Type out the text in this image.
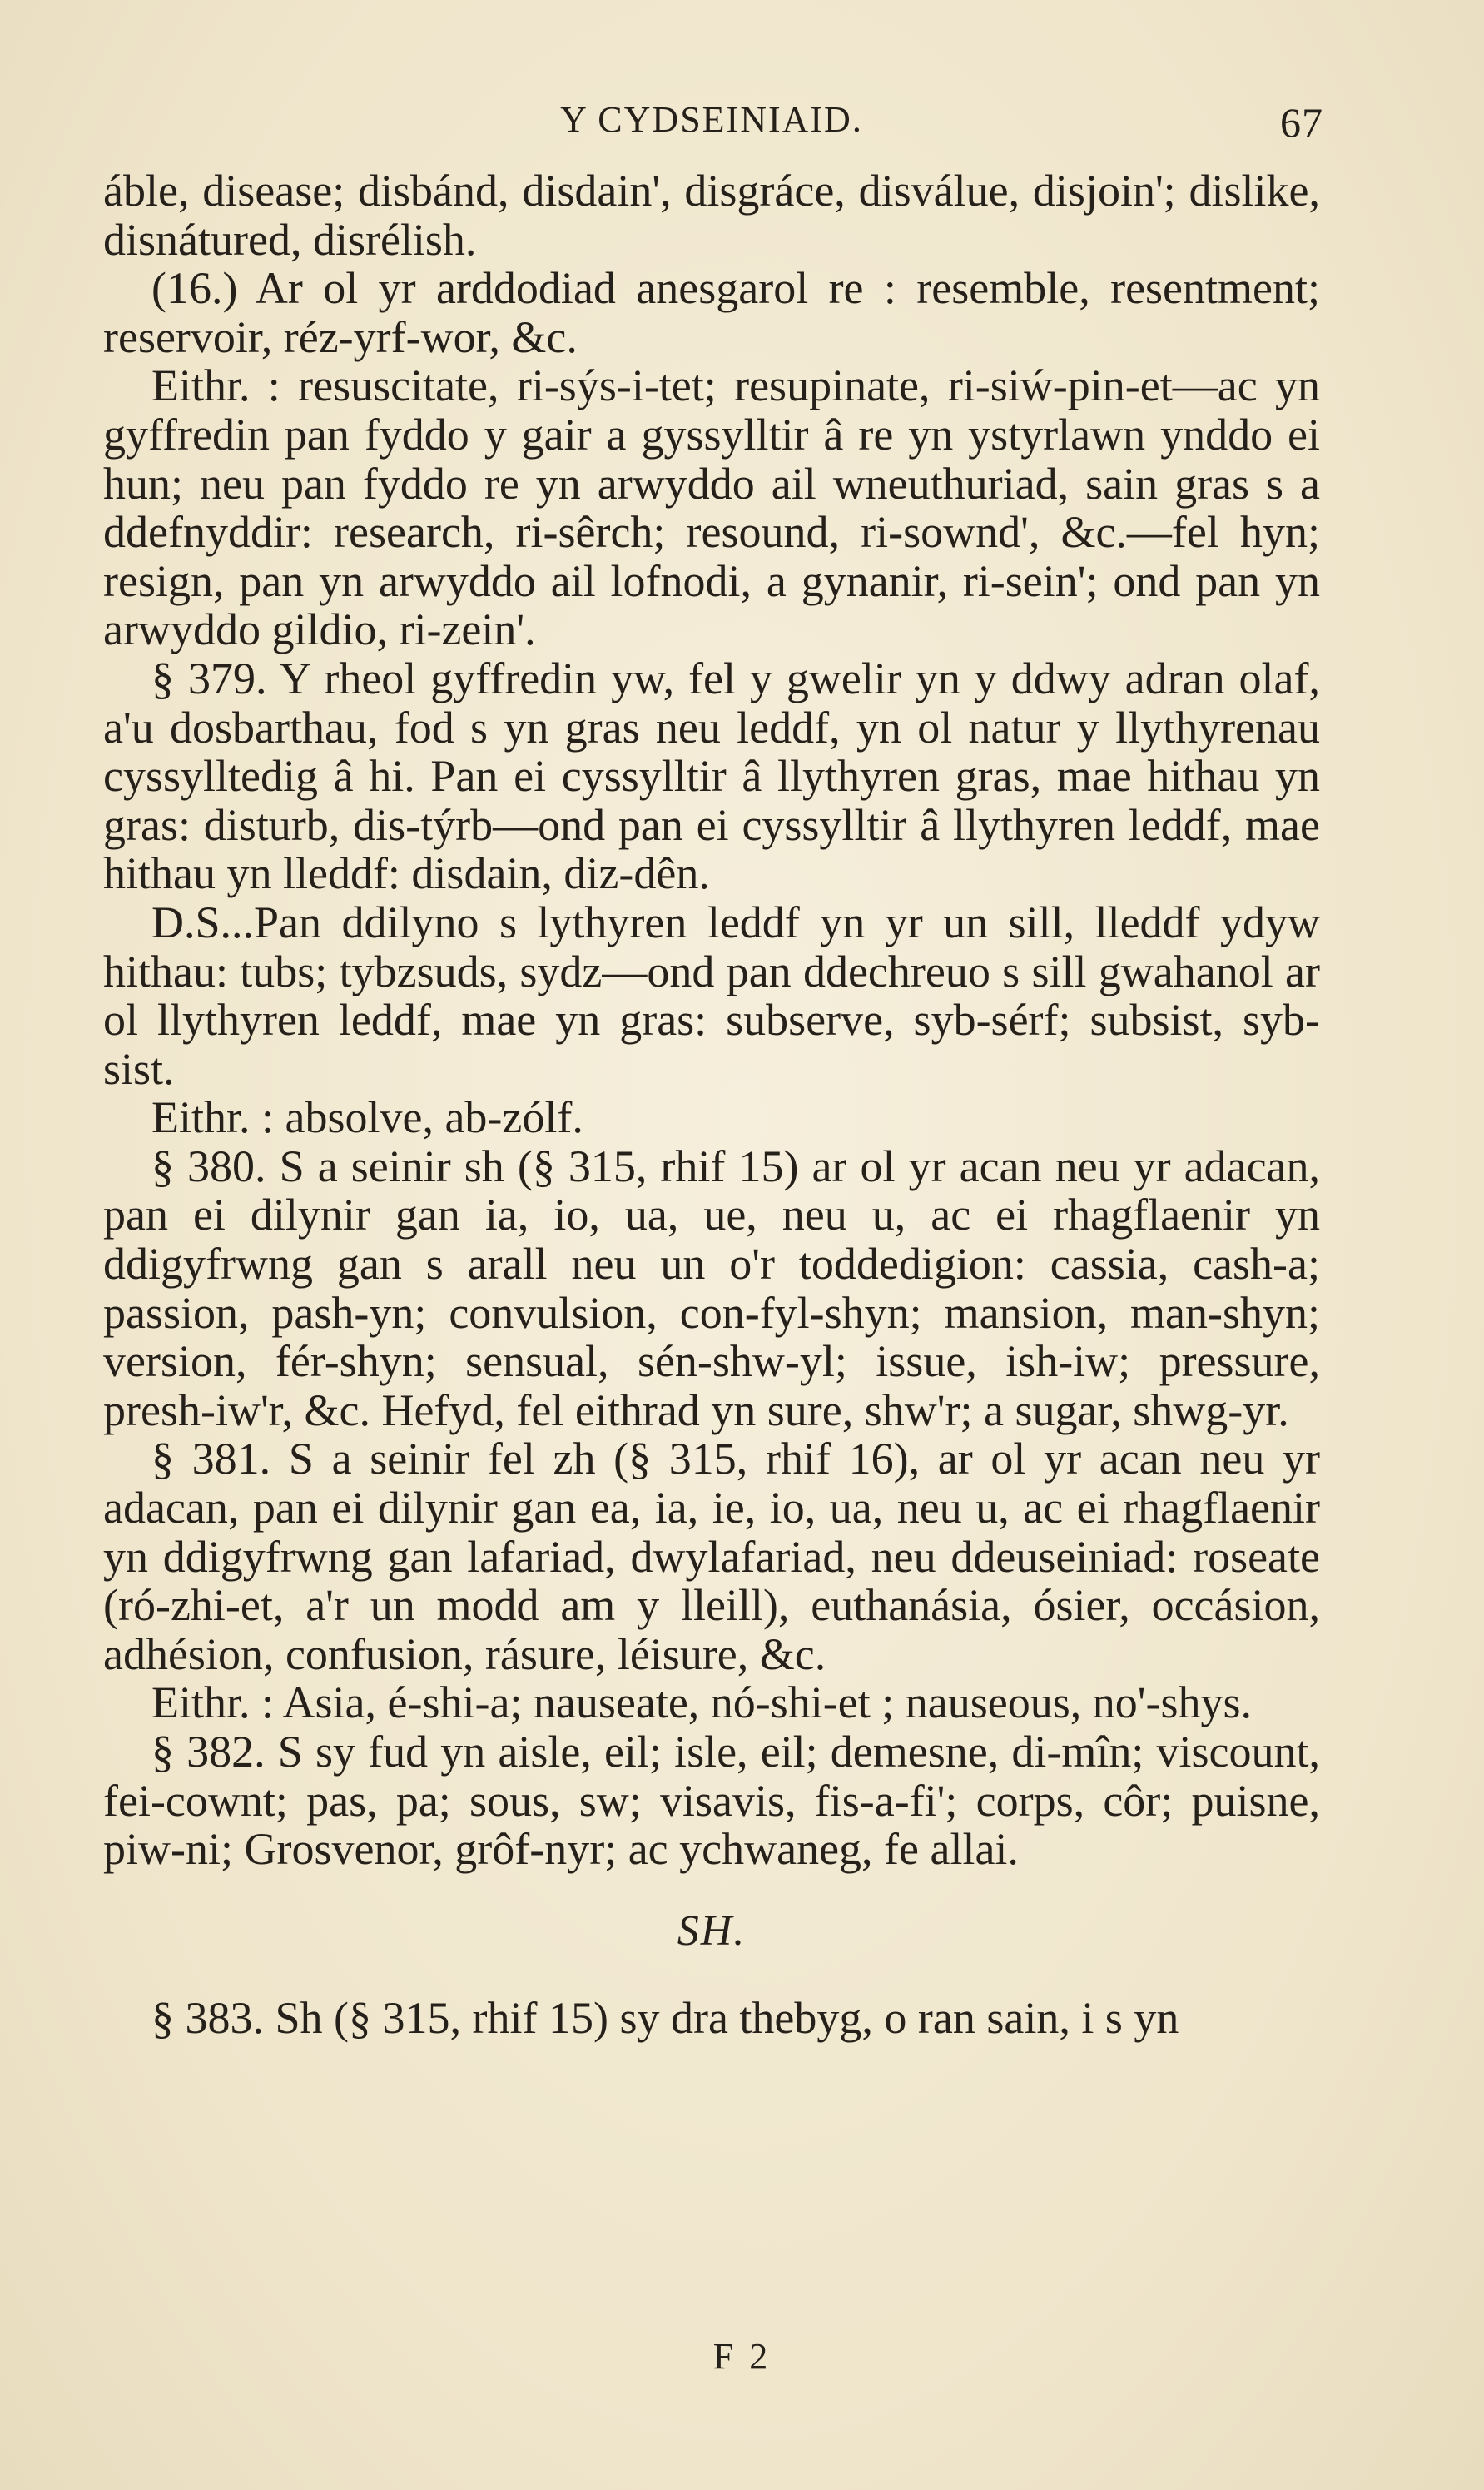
Y CYDSEINIAID.	67

áble, disease; disbánd, disdain', disgráce, disválue, disjoin'; dislike, disnátured, disrélish.

(16.) Ar ol yr arddodiad anesgarol re : resemble, resentment; reservoir, réz-yrf-wor, &c.

Eithr. : resuscitate, ri-sýs-i-tet; resupinate, ri-siẃ-pin-et—ac yn gyffredin pan fyddo y gair a gyssylltir â re yn ystyrlawn ynddo ei hun; neu pan fyddo re yn arwyddo ail wneuthuriad, sain gras s a ddefnyddir: research, ri-sêrch; resound, ri-sownd', &c.—fel hyn; resign, pan yn arwyddo ail lofnodi, a gynanir, ri-sein'; ond pan yn arwyddo gildio, ri-zein'.

§ 379. Y rheol gyffredin yw, fel y gwelir yn y ddwy adran olaf, a'u dosbarthau, fod s yn gras neu leddf, yn ol natur y llythyrenau cyssylltedig â hi. Pan ei cyssylltir â llythyren gras, mae hithau yn gras: disturb, dis-týrb—ond pan ei cyssylltir â llythyren leddf, mae hithau yn lleddf: disdain, diz-dên.

D.S...Pan ddilyno s lythyren leddf yn yr un sill, lleddf ydyw hithau: tubs; tybzsuds, sydz—ond pan ddechreuo s sill gwahanol ar ol llythyren leddf, mae yn gras: subserve, syb-sérf; subsist, syb-sist.

Eithr. : absolve, ab-zólf.

§ 380. S a seinir sh (§ 315, rhif 15) ar ol yr acan neu yr adacan, pan ei dilynir gan ia, io, ua, ue, neu u, ac ei rhagflaenir yn ddigyfrwng gan s arall neu un o'r toddedigion: cassia, cash-a; passion, pash-yn; convulsion, con-fyl-shyn; mansion, man-shyn; version, fér-shyn; sensual, sén-shw-yl; issue, ish-iw; pressure, presh-iw'r, &c. Hefyd, fel eithrad yn sure, shw'r; a sugar, shwg-yr.

§ 381. S a seinir fel zh (§ 315, rhif 16), ar ol yr acan neu yr adacan, pan ei dilynir gan ea, ia, ie, io, ua, neu u, ac ei rhagflaenir yn ddigyfrwng gan lafariad, dwylafariad, neu ddeuseiniad: roseate (ró-zhi-et, a'r un modd am y lleill), euthanásia, ósier, occásion, adhésion, confusion, rásure, léisure, &c.

Eithr. : Asia, é-shi-a; nauseate, nó-shi-et ; nauseous, no'-shys.

§ 382. S sy fud yn aisle, eil; isle, eil; demesne, di-mîn; viscount, fei-cownt; pas, pa; sous, sw; visavis, fis-a-fi'; corps, côr; puisne, piw-ni; Grosvenor, grôf-nyr; ac ychwaneg, fe allai.

SH.

§ 383. Sh (§ 315, rhif 15) sy dra thebyg, o ran sain, i s yn

F 2
